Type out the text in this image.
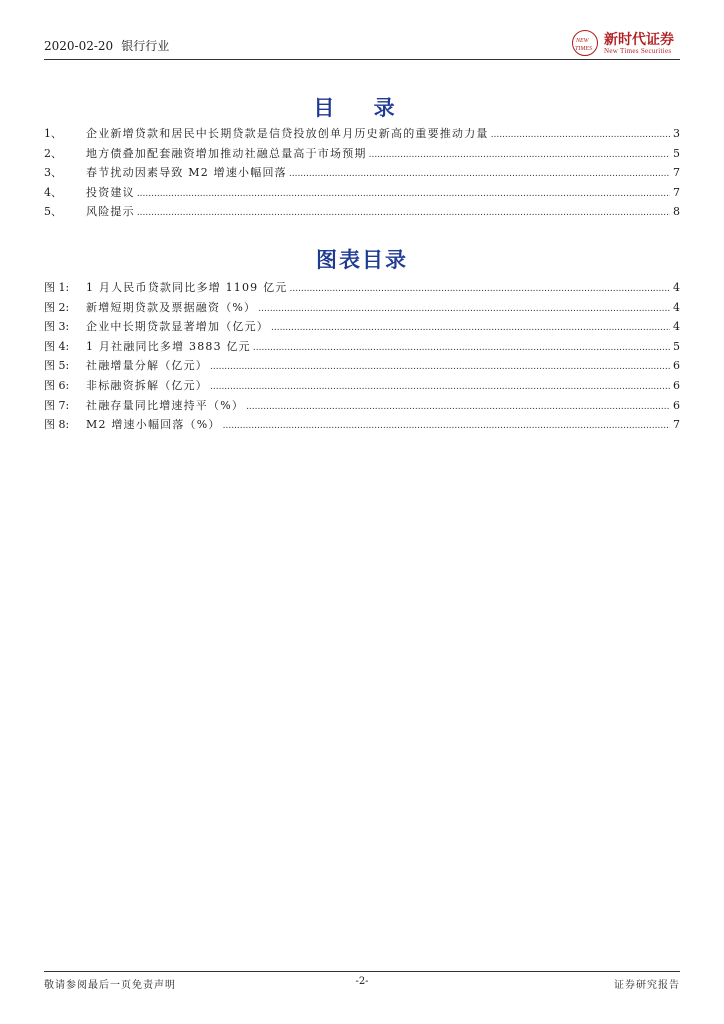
2020-02-20 银行行业	NEW
TIMES
新时代证券
New Times Securities
目 录
1、	企业新增贷款和居民中长期贷款是信贷投放创单月历史新高的重要推动力量 .....	3
2、	地方债叠加配套融资增加推动社融总量高于市场预期 .....	5
3、	春节扰动因素导致 M2 增速小幅回落 .....	7
4、	投资建议 .....	7
5、	风险提示 .....	8
图表目录
图 1:	1 月人民币贷款同比多增 1109 亿元 .....	4
图 2:	新增短期贷款及票据融资（%） .....	4
图 3:	企业中长期贷款显著增加（亿元） .....	4
图 4:	1 月社融同比多增 3883 亿元 .....	5
图 5:	社融增量分解（亿元） .....	6
图 6:	非标融资拆解（亿元） .....	6
图 7:	社融存量同比增速持平（%） .....	6
图 8:	M2 增速小幅回落（%） .....	7
敬请参阅最后一页免责声明	-2-	证券研究报告
